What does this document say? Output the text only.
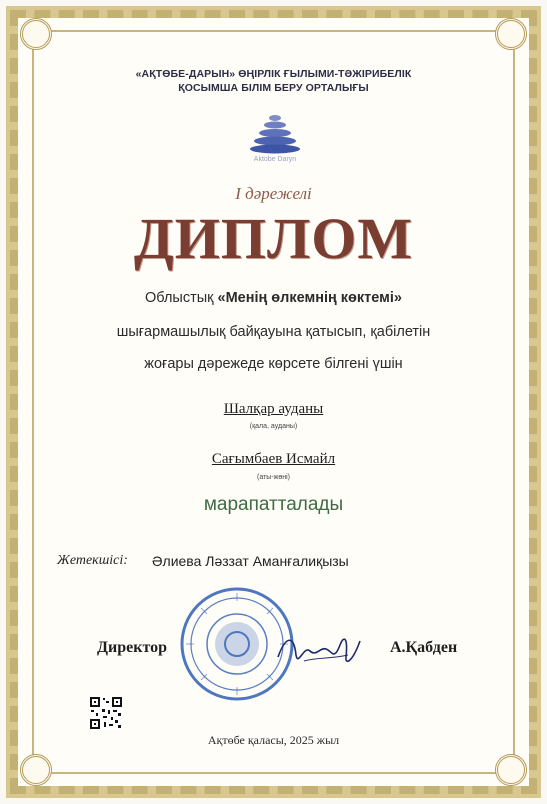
«АҚТӨБЕ-ДАРЫН» ӨҢІРЛІК ҒЫЛЫМИ-ТӘЖІРИБЕЛІК
ҚОСЫМША БІЛІМ БЕРУ ОРТАЛЫҒЫ
Aktobe Daryn
I дәрежелі
ДИПЛОМ
Облыстық «Менің өлкемнің көктемі»
шығармашылық байқауына қатысып, қабілетін
жоғары дәрежеде көрсете білгені үшін
Шалқар ауданы
(қала, ауданы)
Сағымбаев Исмайл
(аты-жөні)
марапатталады
Жетекшісі: Әлиева Ләззат Аманғалиқызы
Директор	А.Қабден
Ақтөбе қаласы, 2025 жыл
